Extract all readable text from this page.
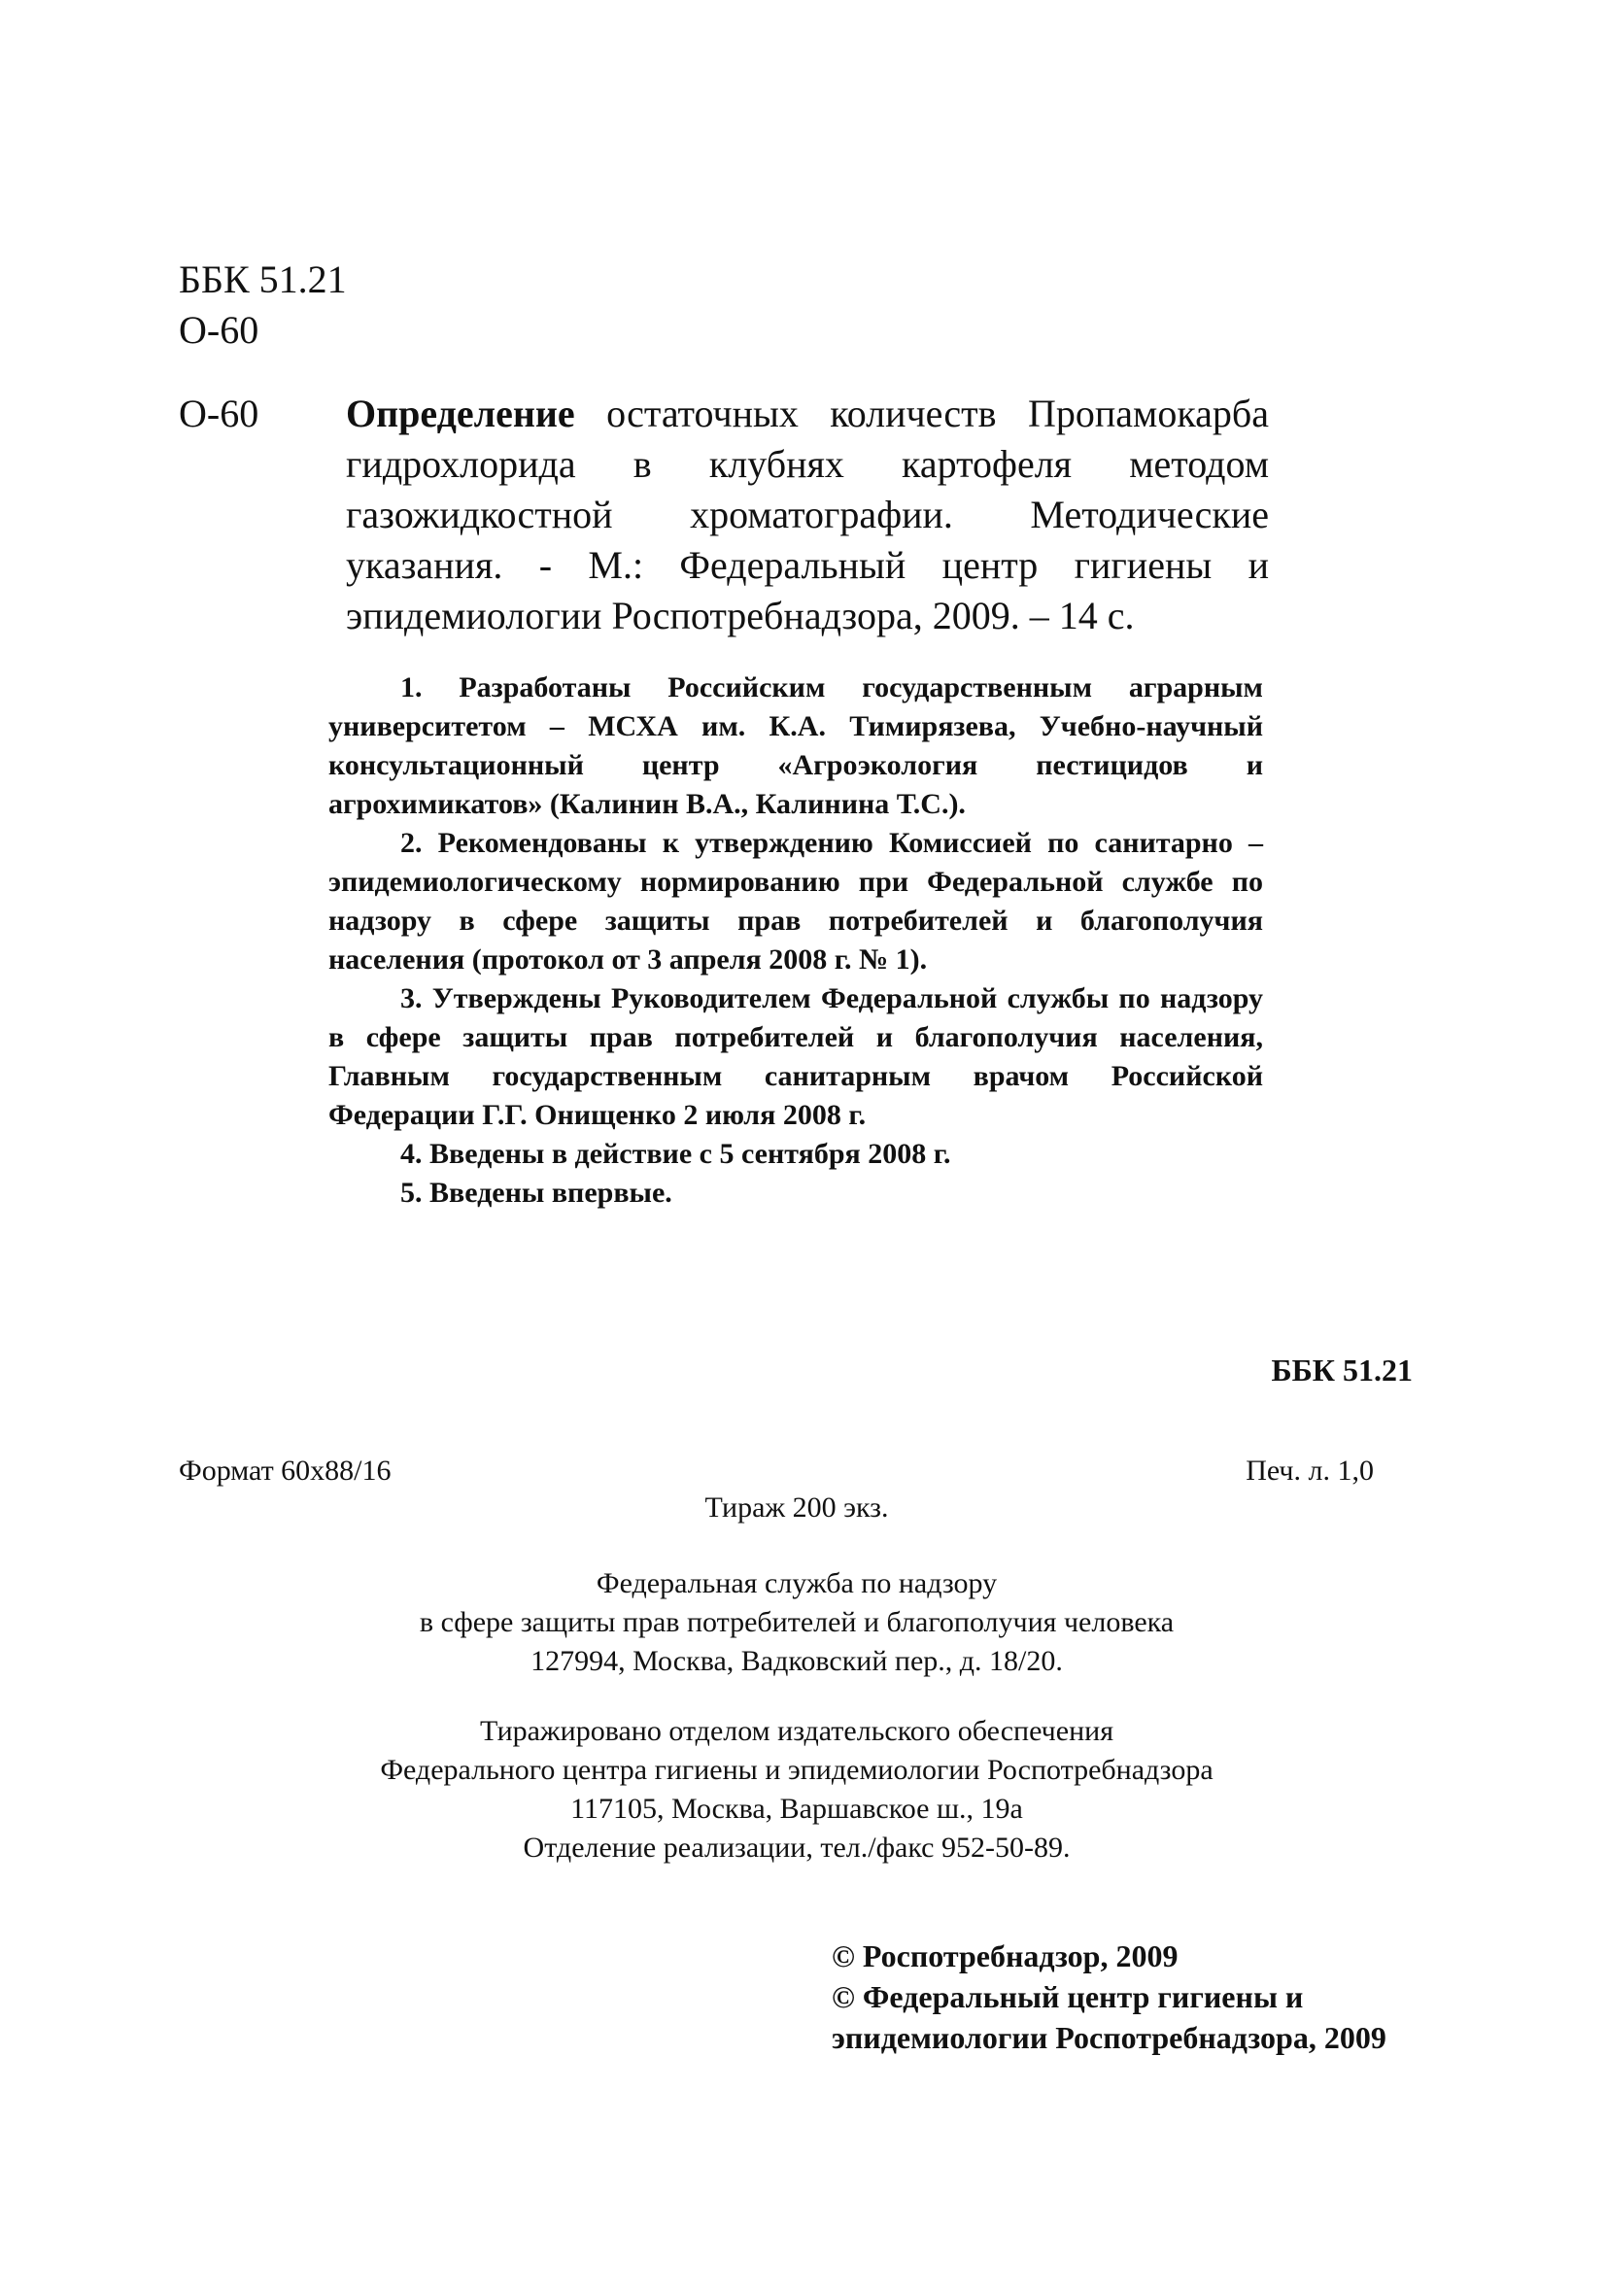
ББК 51.21
О-60
О-60 Определение остаточных количеств Пропамокарба гидрохлорида в клубнях картофеля методом газожидкостной хроматографии. Методические указания. - М.: Федеральный центр гигиены и эпидемиологии Роспотребнадзора, 2009. – 14 с.

1. Разработаны Российским государственным аграрным университетом – МСХА им. К.А. Тимирязева, Учебно-научный консультационный центр «Агроэкология пестицидов и агрохимикатов» (Калинин В.А., Калинина Т.С.).

2. Рекомендованы к утверждению Комиссией по санитарно – эпидемиологическому нормированию при Федеральной службе по надзору в сфере защиты прав потребителей и благополучия населения (протокол от 3 апреля 2008 г. № 1).

3. Утверждены Руководителем Федеральной службы по надзору в сфере защиты прав потребителей и благополучия населения, Главным государственным санитарным врачом Российской Федерации Г.Г. Онищенко 2 июля 2008 г.

4. Введены в действие с 5 сентября 2008 г.

5. Введены впервые.

ББК 51.21
Формат 60x88/16	Печ. л. 1,0
Тираж 200 экз.
Федеральная служба по надзору
в сфере защиты прав потребителей и благополучия человека
127994, Москва, Вадковский пер., д. 18/20.
Тиражировано отделом издательского обеспечения
Федерального центра гигиены и эпидемиологии Роспотребнадзора
117105, Москва, Варшавское ш., 19а
Отделение реализации, тел./факс 952-50-89.
© Роспотребнадзор, 2009
© Федеральный центр гигиены и
эпидемиологии Роспотребнадзора, 2009
